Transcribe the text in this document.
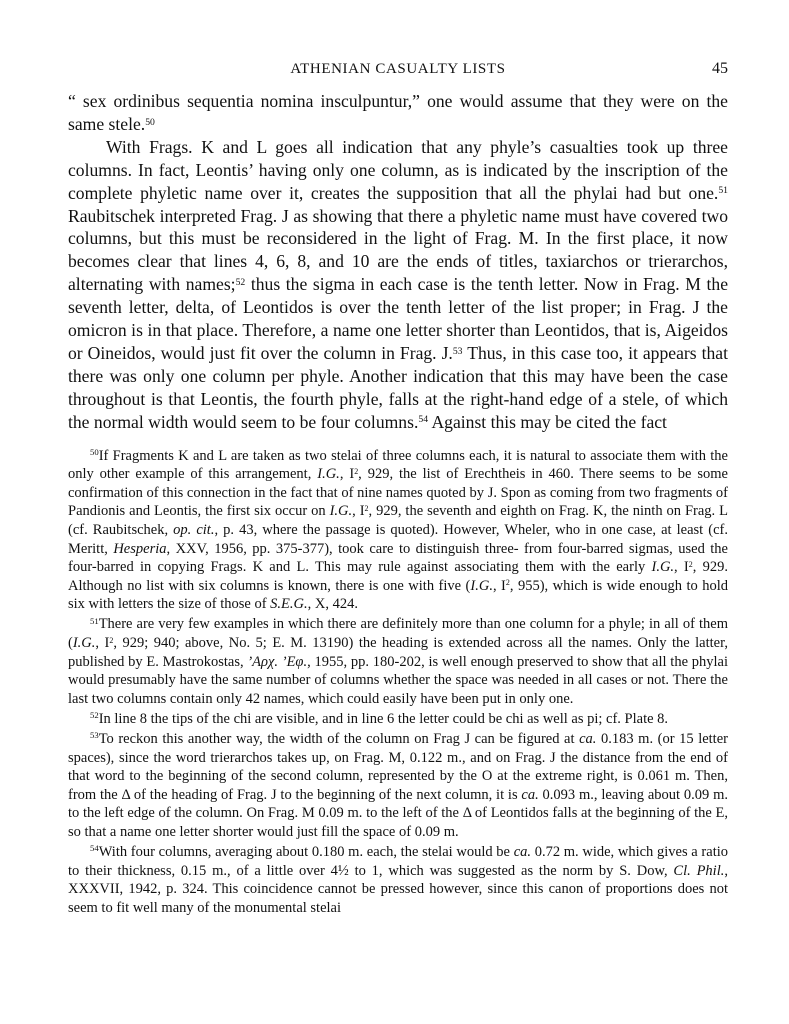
ATHENIAN CASUALTY LISTS	45

“ sex ordinibus sequentia nomina insculpuntur,” one would assume that they were on the same stele.$^{50}$

With Frags. K and L goes all indication that any phyle’s casualties took up three columns. In fact, Leontis’ having only one column, as is indicated by the inscription of the complete phyletic name over it, creates the supposition that all the phylai had but one.$^{51}$ Raubitschek interpreted Frag. J as showing that there a phyletic name must have covered two columns, but this must be reconsidered in the light of Frag. M. In the first place, it now becomes clear that lines 4, 6, 8, and 10 are the ends of titles, taxiarchos or trierarchos, alternating with names;$^{52}$ thus the sigma in each case is the tenth letter. Now in Frag. M the seventh letter, delta, of Leontidos is over the tenth letter of the list proper; in Frag. J the omicron is in that place. Therefore, a name one letter shorter than Leontidos, that is, Aigeidos or Oineidos, would just fit over the column in Frag. J.$^{53}$ Thus, in this case too, it appears that there was only one column per phyle. Another indication that this may have been the case throughout is that Leontis, the fourth phyle, falls at the right-hand edge of a stele, of which the normal width would seem to be four columns.$^{54}$ Against this may be cited the fact

$^{50}$If Fragments K and L are taken as two stelai of three columns each, it is natural to associate them with the only other example of this arrangement, I.G., $I^2$, 929, the list of Erechtheis in 460. There seems to be some confirmation of this connection in the fact that of nine names quoted by J. Spon as coming from two fragments of Pandionis and Leontis, the first six occur on I.G., $I^2$, 929, the seventh and eighth on Frag. K, the ninth on Frag. L (cf. Raubitschek, op. cit., p. 43, where the passage is quoted). However, Wheler, who in one case, at least (cf. Meritt, Hesperia, XXV, 1956, pp. 375-377), took care to distinguish three- from four-barred sigmas, used the four-barred in copying Frags. K and L. This may rule against associating them with the early I.G., $I^2$, 929. Although no list with six columns is known, there is one with five (I.G., $I^2$, 955), which is wide enough to hold six with letters the size of those of S.E.G., X, 424.

$^{51}$There are very few examples in which there are definitely more than one column for a phyle; in all of them (I.G., $I^2$, 929; 940; above, No. 5; E. M. 13190) the heading is extended across all the names. Only the latter, published by E. Mastrokostas, ’Αρχ. ’Εφ., 1955, pp. 180-202, is well enough preserved to show that all the phylai would presumably have the same number of columns whether the space was needed in all cases or not. There the last two columns contain only 42 names, which could easily have been put in only one.

$^{52}$In line 8 the tips of the chi are visible, and in line 6 the letter could be chi as well as pi; cf. Plate 8.

$^{53}$To reckon this another way, the width of the column on Frag J can be figured at ca. 0.183 m. (or 15 letter spaces), since the word trierarchos takes up, on Frag. M, 0.122 m., and on Frag. J the distance from the end of that word to the beginning of the second column, represented by the O at the extreme right, is 0.061 m. Then, from the Δ of the heading of Frag. J to the beginning of the next column, it is ca. 0.093 m., leaving about 0.09 m. to the left edge of the column. On Frag. M 0.09 m. to the left of the Δ of Leontidos falls at the beginning of the E, so that a name one letter shorter would just fill the space of 0.09 m.

$^{54}$With four columns, averaging about 0.180 m. each, the stelai would be ca. 0.72 m. wide, which gives a ratio to their thickness, 0.15 m., of a little over 4½ to 1, which was suggested as the norm by S. Dow, Cl. Phil., XXXVII, 1942, p. 324. This coincidence cannot be pressed however, since this canon of proportions does not seem to fit well many of the monumental stelai
